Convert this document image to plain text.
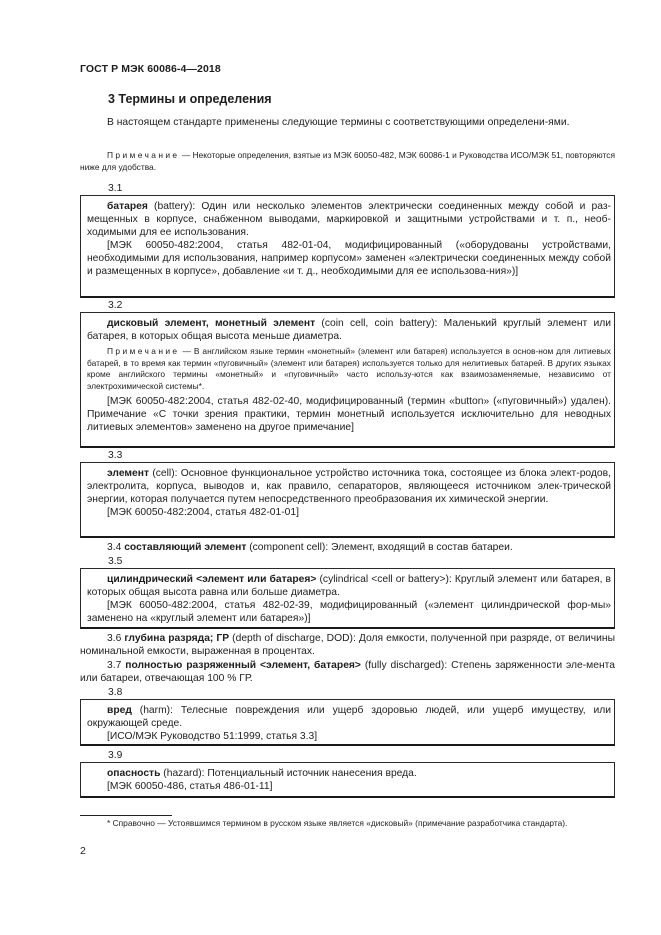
ГОСТ Р МЭК 60086-4—2018
3 Термины и определения

В настоящем стандарте применены следующие термины с соответствующими определени-ями.

Примечание — Некоторые определения, взятые из МЭК 60050-482, МЭК 60086-1 и Руководства ИСО/МЭК 51, повторяются ниже для удобства.

3.1

батарея (battery): Один или несколько элементов электрически соединенных между собой и раз-мещенных в корпусе, снабженном выводами, маркировкой и защитными устройствами и т. п., необ-ходимыми для ее использования.

[МЭК 60050-482:2004, статья 482-01-04, модифицированный («оборудованы устройствами, необходимыми для использования, например корпусом» заменен «электрически соединенных между собой и размещенных в корпусе», добавление «и т. д., необходимыми для ее использова-ния»)]

3.2

дисковый элемент, монетный элемент (coin cell, coin battery): Маленький круглый элемент или батарея, в которых общая высота меньше диаметра.

Примечание — В английском языке термин «монетный» (элемент или батарея) используется в основ-ном для литиевых батарей, в то время как термин «пуговичный» (элемент или батарея) используется только для нелитиевых батарей. В других языках кроме английского термины «монетный» и «пуговичный» часто использу-ются как взаимозаменяемые, независимо от электрохимической системы*.

[МЭК 60050-482:2004, статья 482-02-40, модифицированный (термин «button» («пуговичный») удален). Примечание «С точки зрения практики, термин монетный используется исключительно для неводных литиевых элементов» заменено на другое примечание]

3.3

элемент (cell): Основное функциональное устройство источника тока, состоящее из блока элект-родов, электролита, корпуса, выводов и, как правило, сепараторов, являющееся источником элек-трической энергии, которая получается путем непосредственного преобразования их химической энергии.

[МЭК 60050-482:2004, статья 482-01-01]

3.4 составляющий элемент (component cell): Элемент, входящий в состав батареи.

3.5

цилиндрический <элемент или батарея> (cylindrical <cell or battery>): Круглый элемент или батарея, в которых общая высота равна или больше диаметра.

[МЭК 60050-482:2004, статья 482-02-39, модифицированный («элемент цилиндрической фор-мы» заменено на «круглый элемент или батарея»)]

3.6 глубина разряда; ГР (depth of discharge, DOD): Доля емкости, полученной при разряде, от величины номинальной емкости, выраженная в процентах.

3.7 полностью разряженный <элемент, батарея> (fully discharged): Степень заряженности эле-мента или батареи, отвечающая 100 % ГР.

3.8

вред (harm): Телесные повреждения или ущерб здоровью людей, или ущерб имуществу, или окружающей среде.

[ИСО/МЭК Руководство 51:1999, статья 3.3]

3.9

опасность (hazard): Потенциальный источник нанесения вреда.

[МЭК 60050-486, статья 486-01-11]

* Справочно — Устоявшимся термином в русском языке является «дисковый» (примечание разработчика стандарта).

2
